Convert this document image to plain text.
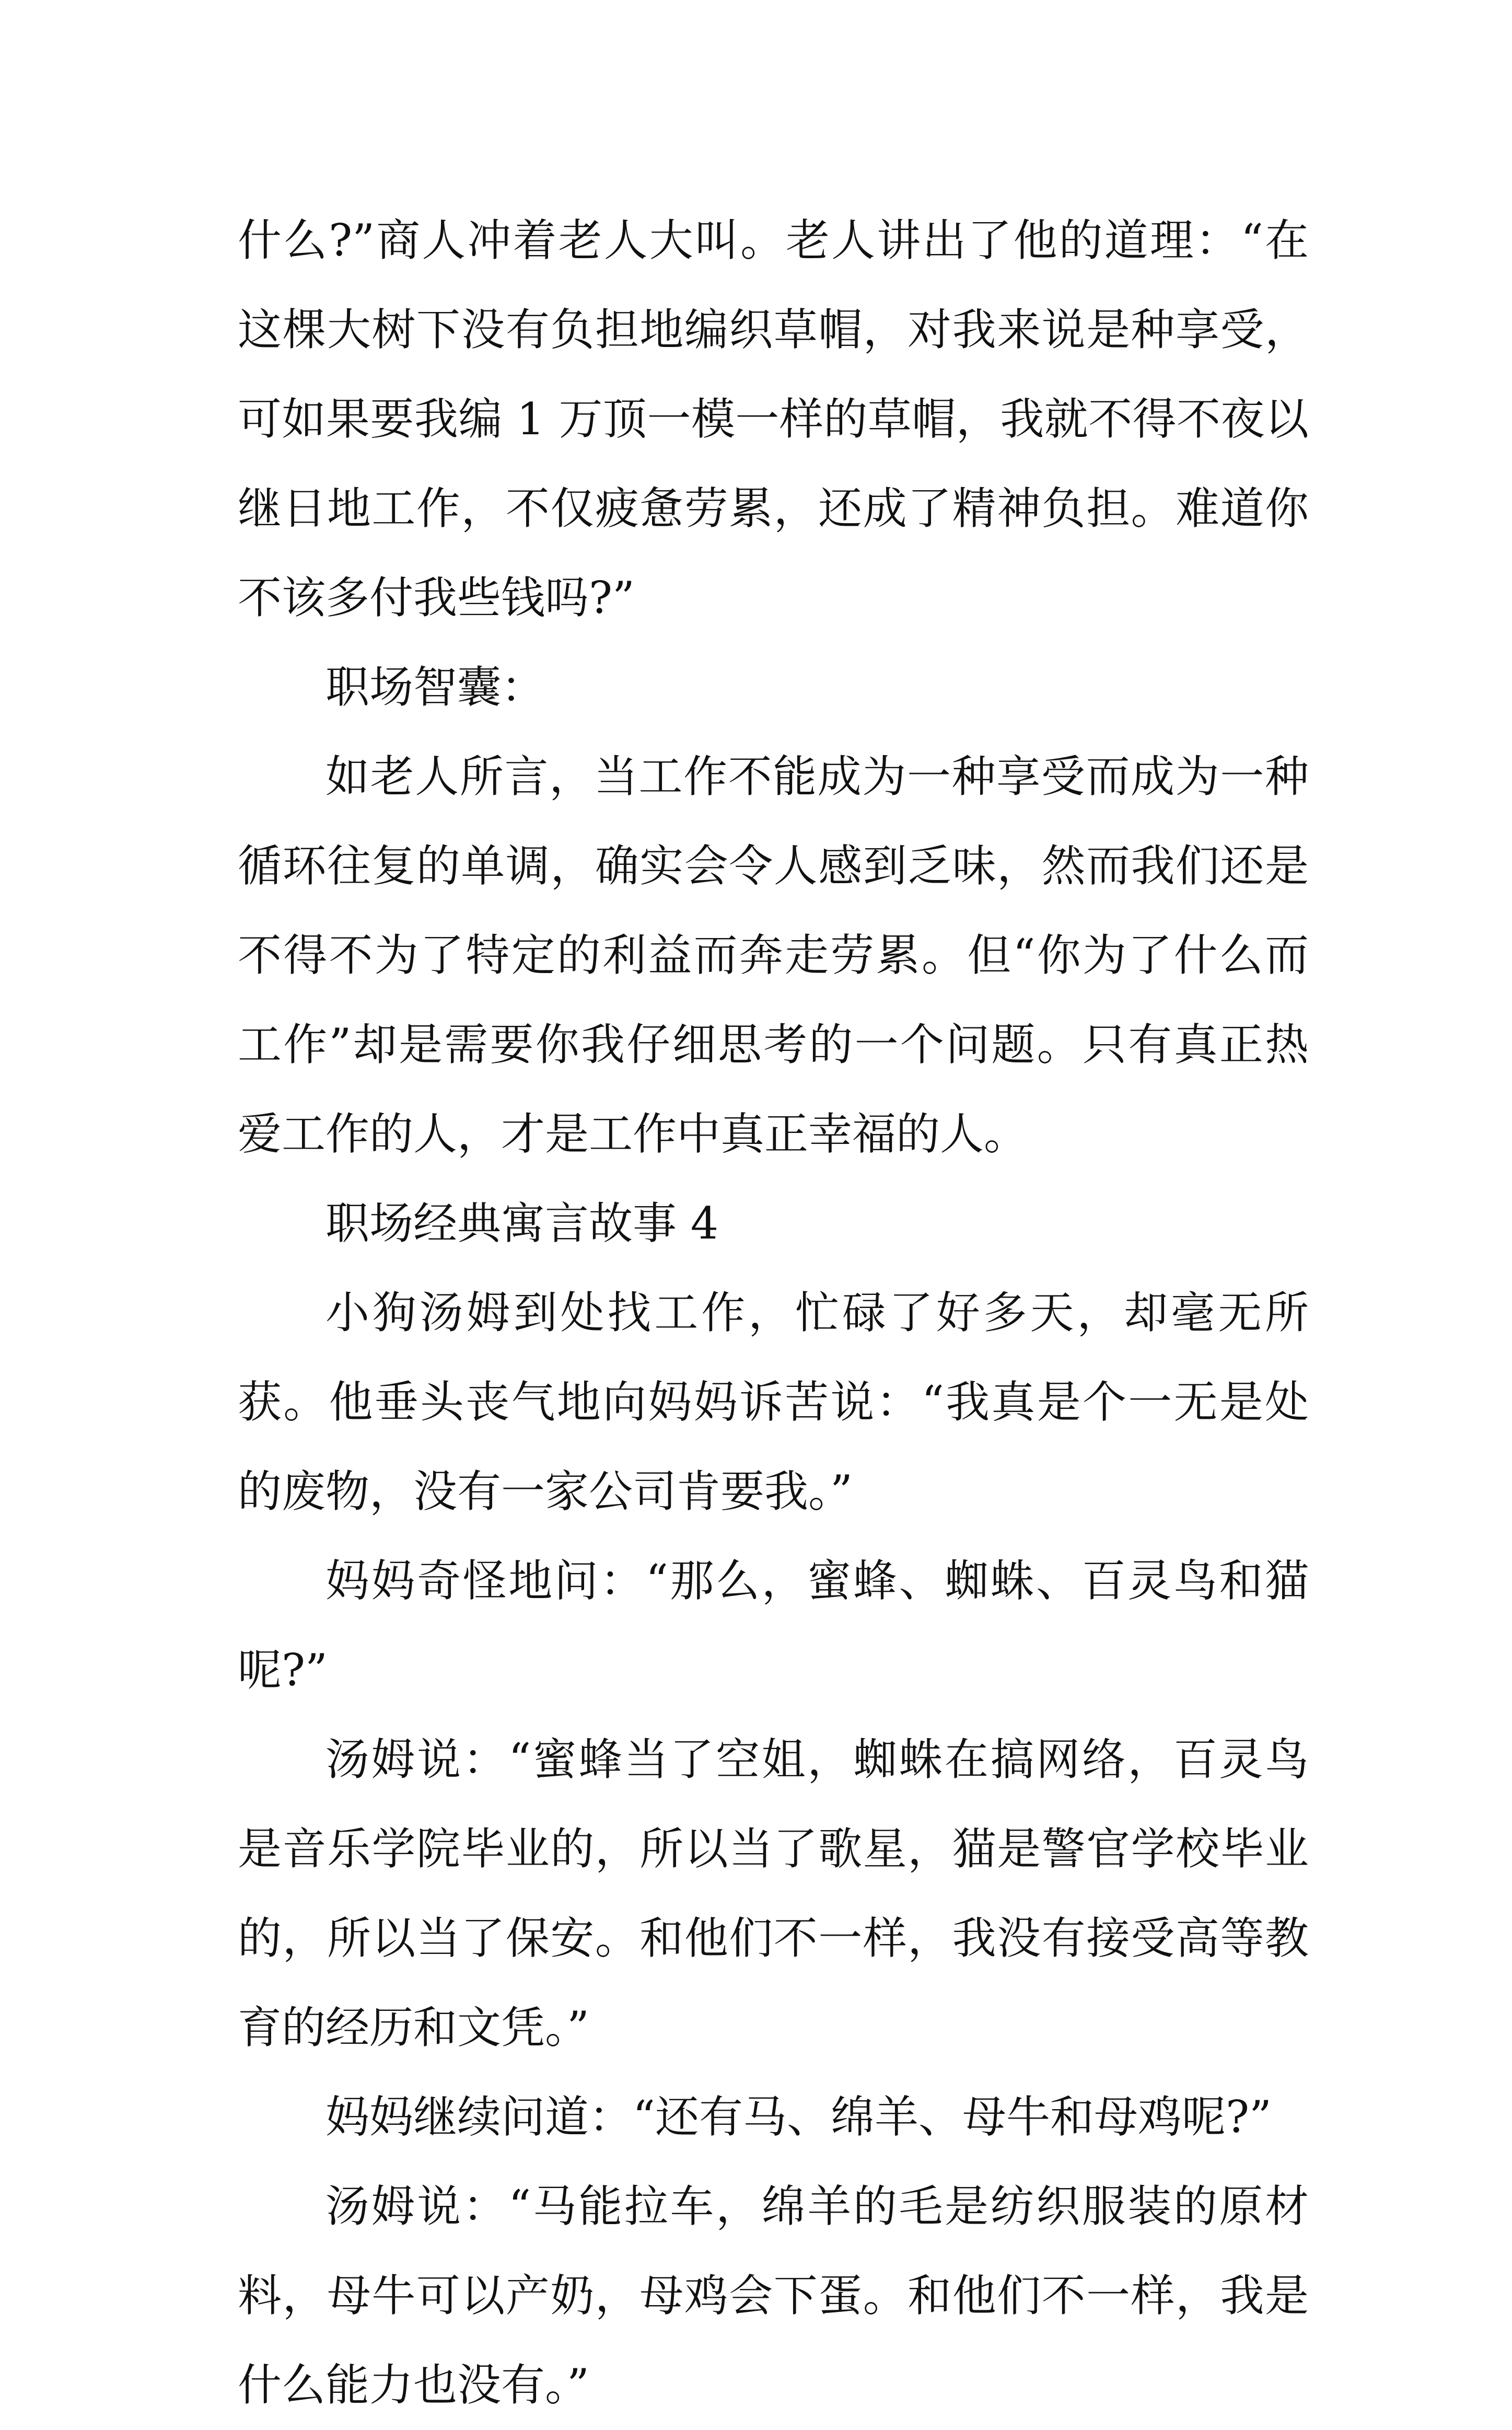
什么?”商人冲着老人大叫。老人讲出了他的道理：“在这棵大树下没有负担地编织草帽，对我来说是种享受，可如果要我编 1 万顶一模一样的草帽，我就不得不夜以继日地工作，不仅疲惫劳累，还成了精神负担。难道你不该多付我些钱吗?”

职场智囊：

如老人所言，当工作不能成为一种享受而成为一种循环往复的单调，确实会令人感到乏味，然而我们还是不得不为了特定的利益而奔走劳累。但“你为了什么而工作”却是需要你我仔细思考的一个问题。只有真正热爱工作的人，才是工作中真正幸福的人。

职场经典寓言故事 4

小狗汤姆到处找工作，忙碌了好多天，却毫无所获。他垂头丧气地向妈妈诉苦说：“我真是个一无是处的废物，没有一家公司肯要我。”

妈妈奇怪地问：“那么，蜜蜂、蜘蛛、百灵鸟和猫呢?”

汤姆说：“蜜蜂当了空姐，蜘蛛在搞网络，百灵鸟是音乐学院毕业的，所以当了歌星，猫是警官学校毕业的，所以当了保安。和他们不一样，我没有接受高等教育的经历和文凭。”

妈妈继续问道：“还有马、绵羊、母牛和母鸡呢?”

汤姆说：“马能拉车，绵羊的毛是纺织服装的原材料，母牛可以产奶，母鸡会下蛋。和他们不一样，我是什么能力也没有。”
